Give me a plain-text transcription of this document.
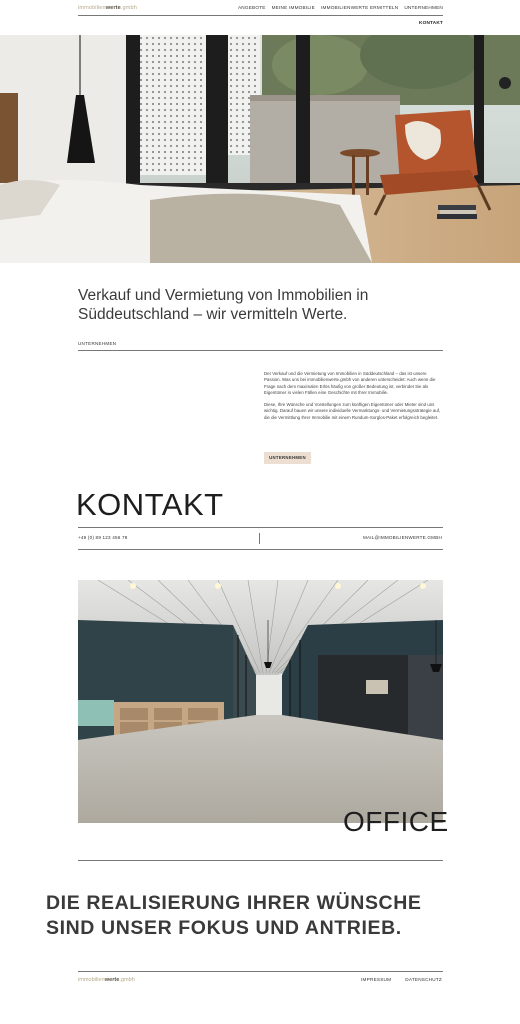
immobilienwerte.gmbh	ANGEBOTE MEINE IMMOBILIE IMMOBILIENWERTE ERMITTELN UNTERNEHMEN
KONTAKT
Verkauf und Vermietung von Immobilien in
Süddeutschland – wir vermitteln Werte.
UNTERNEHMEN

Der Verkauf und die Vermietung von Immobilien in Süddeutschland – das ist unsere Passion. Was uns bei immobilienwerte.gmbh von anderen unterscheidet: Auch wenn die Frage nach dem maximalen Erlös häufig von großer Bedeutung ist, verbindet Sie als Eigentümer in vielen Fällen eine Geschichte mit Ihrer Immobilie.

Diese, Ihre Wünsche und Vorstellungen zum künftigen Eigentümer oder Mieter sind uns wichtig. Darauf bauen wir unsere individuelle Vermarktungs- und Vermietungsstrategie auf, die die Vermittlung Ihrer Immobilie mit einem Rundum-Sorglos-Paket erfolgreich begleitet.

UNTERNEHMEN
KONTAKT
+49 (0) 89 123 456 78	MAIL@IMMOBILIENWERTE.GMBH
OFFICE
DIE REALISIERUNG IHRER WÜNSCHE
SIND UNSER FOKUS UND ANTRIEB.
immobilienwerte.gmbh	IMPRESSUM	DATENSCHUTZ
